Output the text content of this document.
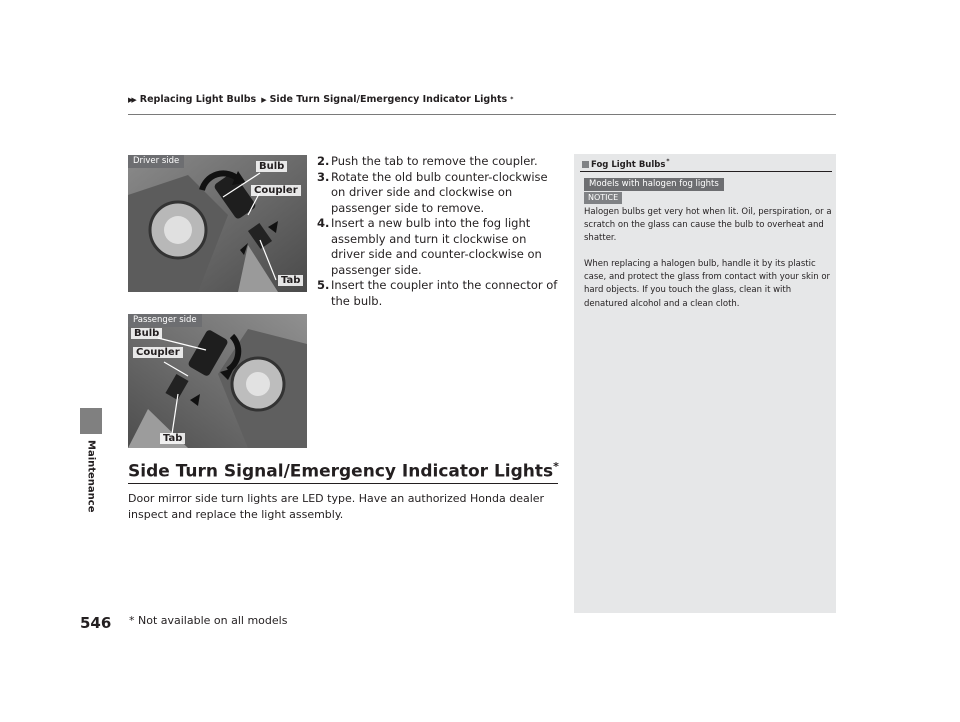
▶▶ Replacing Light Bulbs ▶ Side Turn Signal/Emergency Indicator Lights *
Maintenance
Driver side	Bulb
Coupler
Tab
Passenger side
Bulb
Coupler
Tab
2. Push the tab to remove the coupler.
3. Rotate the old bulb counter-clockwise on driver side and clockwise on passenger side to remove.
4. Insert a new bulb into the fog light assembly and turn it clockwise on driver side and counter-clockwise on passenger side.
5. Insert the coupler into the connector of the bulb.
Side Turn Signal/Emergency Indicator Lights*
Door mirror side turn lights are LED type. Have an authorized Honda dealer inspect and replace the light assembly.
Fog Light Bulbs*
Models with halogen fog lights
NOTICE
Halogen bulbs get very hot when lit. Oil, perspiration, or a scratch on the glass can cause the bulb to overheat and shatter.
When replacing a halogen bulb, handle it by its plastic case, and protect the glass from contact with your skin or hard objects. If you touch the glass, clean it with denatured alcohol and a clean cloth.
546 * Not available on all models
